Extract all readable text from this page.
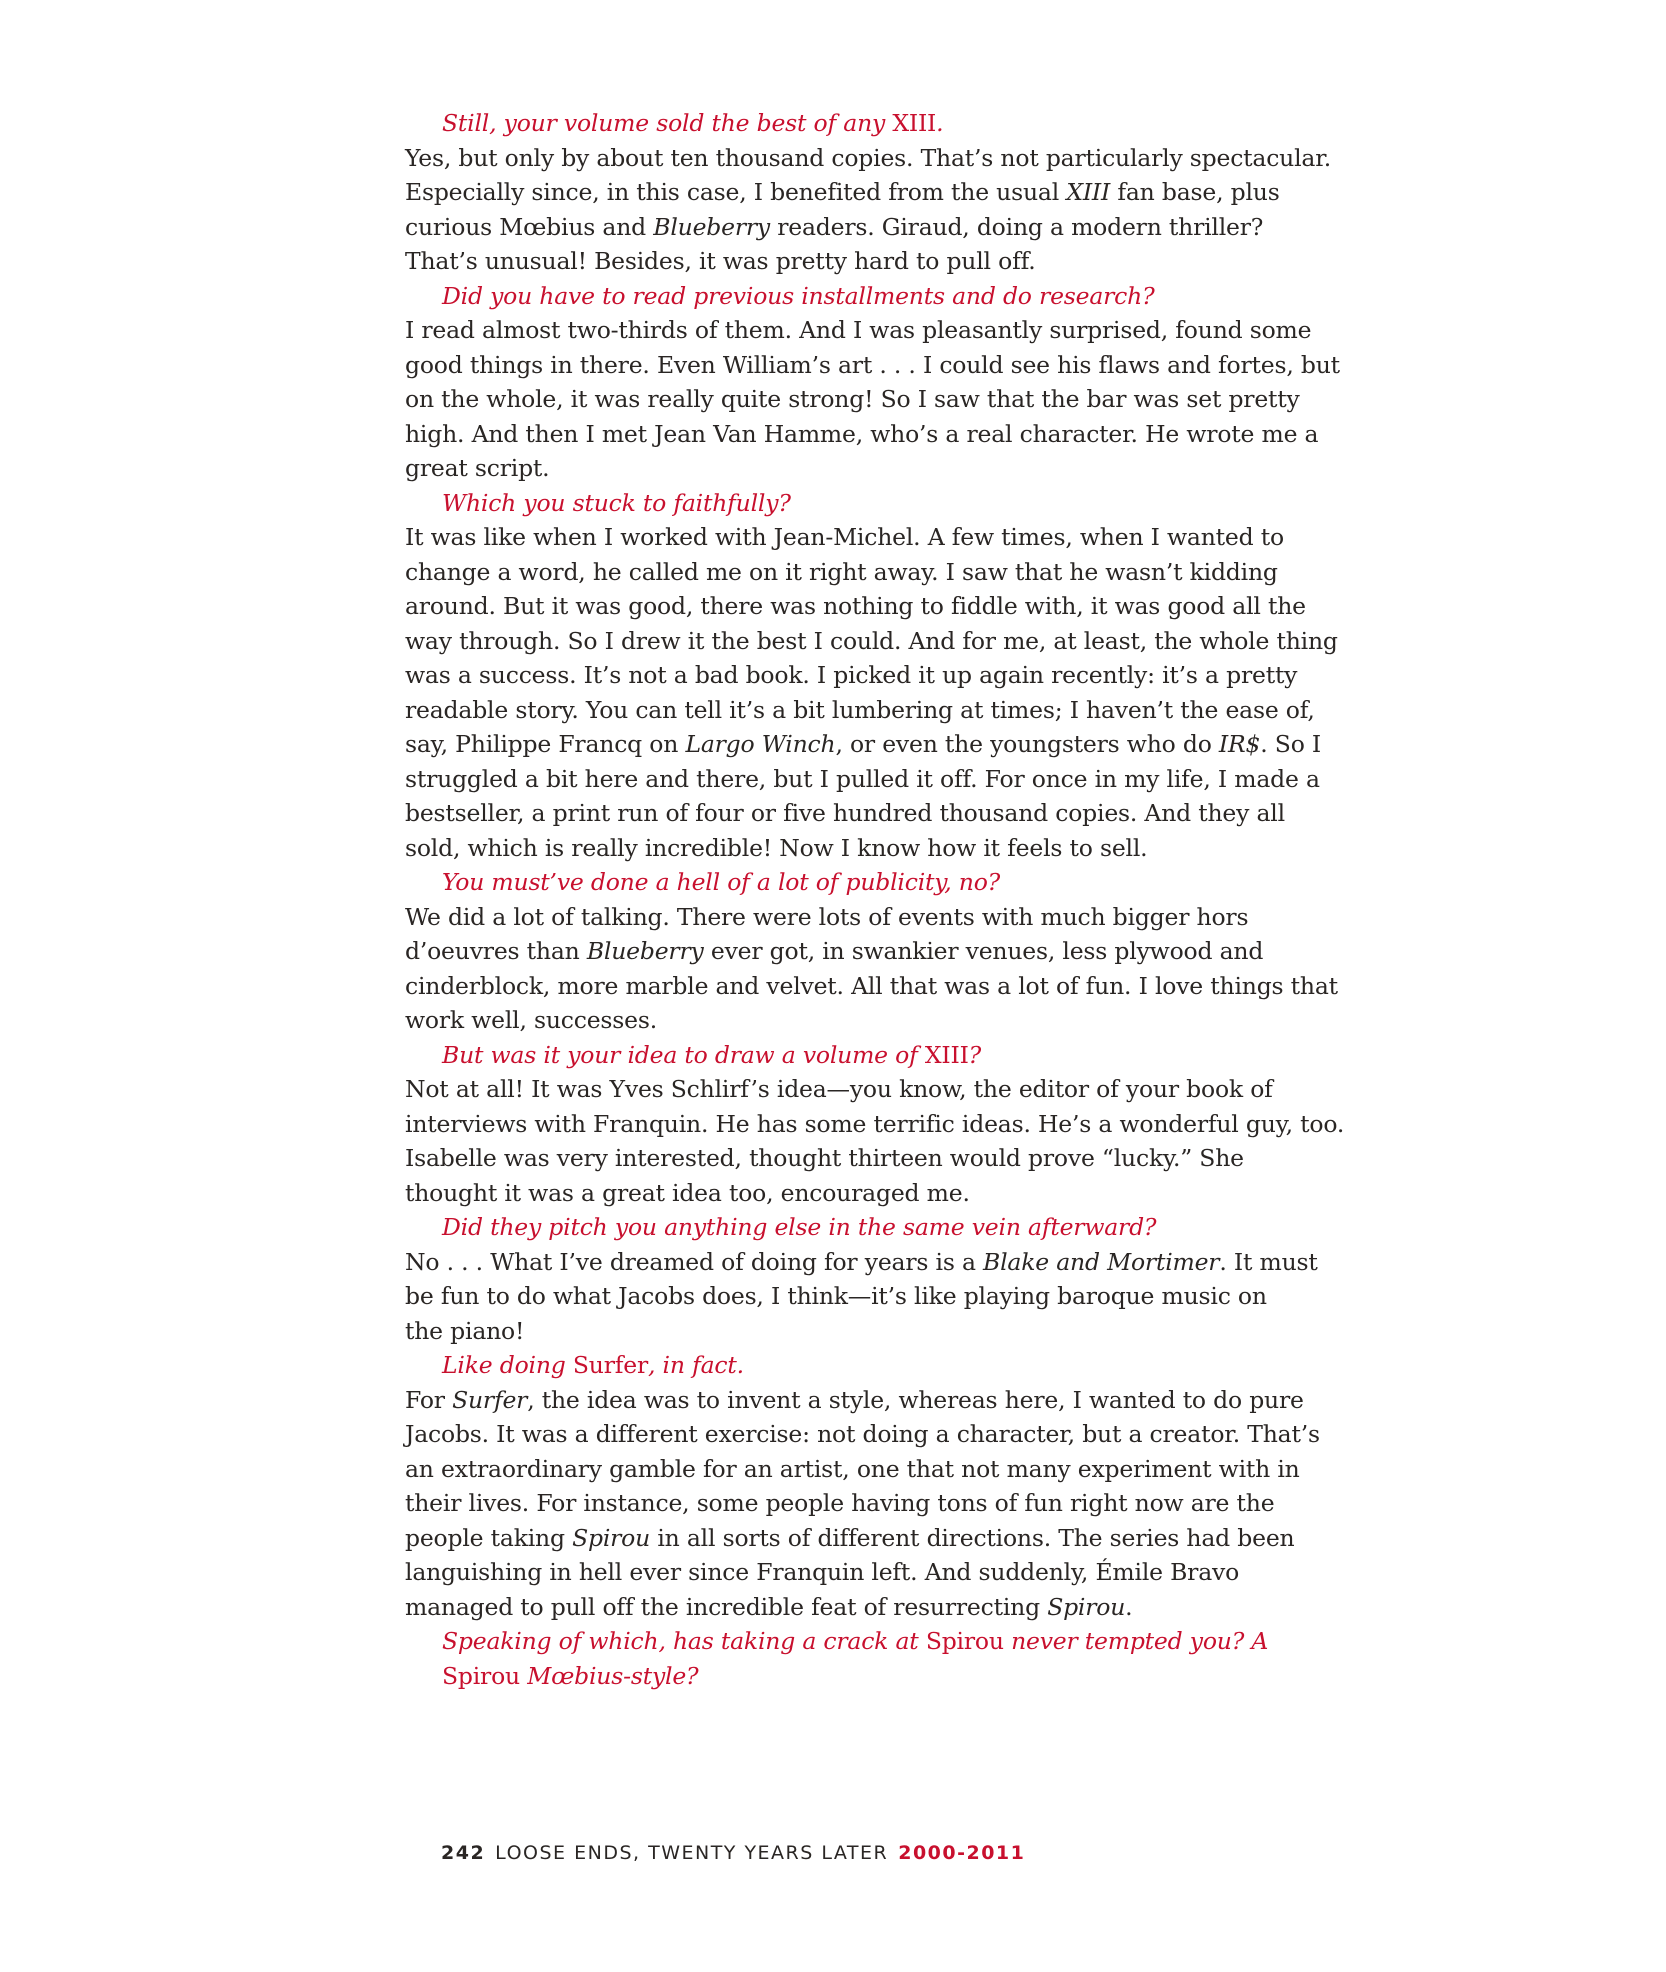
Still, your volume sold the best of any XIII.

Yes, but only by about ten thousand copies. That’s not particularly spectacular.
Especially since, in this case, I benefited from the usual XIII fan base, plus
curious Mœbius and Blueberry readers. Giraud, doing a modern thriller?
That’s unusual! Besides, it was pretty hard to pull off.

Did you have to read previous installments and do research?

I read almost two-thirds of them. And I was pleasantly surprised, found some
good things in there. Even William’s art . . . I could see his flaws and fortes, but
on the whole, it was really quite strong! So I saw that the bar was set pretty
high. And then I met Jean Van Hamme, who’s a real character. He wrote me a
great script.

Which you stuck to faithfully?

It was like when I worked with Jean-Michel. A few times, when I wanted to
change a word, he called me on it right away. I saw that he wasn’t kidding
around. But it was good, there was nothing to fiddle with, it was good all the
way through. So I drew it the best I could. And for me, at least, the whole thing
was a success. It’s not a bad book. I picked it up again recently: it’s a pretty
readable story. You can tell it’s a bit lumbering at times; I haven’t the ease of,
say, Philippe Francq on Largo Winch, or even the youngsters who do IR$. So I
struggled a bit here and there, but I pulled it off. For once in my life, I made a
bestseller, a print run of four or five hundred thousand copies. And they all
sold, which is really incredible! Now I know how it feels to sell.

You must’ve done a hell of a lot of publicity, no?

We did a lot of talking. There were lots of events with much bigger hors
d’oeuvres than Blueberry ever got, in swankier venues, less plywood and
cinderblock, more marble and velvet. All that was a lot of fun. I love things that
work well, successes.

But was it your idea to draw a volume of XIII?

Not at all! It was Yves Schlirf’s idea—you know, the editor of your book of
interviews with Franquin. He has some terrific ideas. He’s a wonderful guy, too.
Isabelle was very interested, thought thirteen would prove “lucky.” She
thought it was a great idea too, encouraged me.

Did they pitch you anything else in the same vein afterward?

No . . . What I’ve dreamed of doing for years is a Blake and Mortimer. It must
be fun to do what Jacobs does, I think—it’s like playing baroque music on
the piano!

Like doing Surfer, in fact.

For Surfer, the idea was to invent a style, whereas here, I wanted to do pure
Jacobs. It was a different exercise: not doing a character, but a creator. That’s
an extraordinary gamble for an artist, one that not many experiment with in
their lives. For instance, some people having tons of fun right now are the
people taking Spirou in all sorts of different directions. The series had been
languishing in hell ever since Franquin left. And suddenly, Émile Bravo
managed to pull off the incredible feat of resurrecting Spirou.
Speaking of which, has taking a crack at Spirou never tempted you? A
Spirou Mœbius-style?
242 LOOSE ENDS, TWENTY YEARS LATER 2000-2011
